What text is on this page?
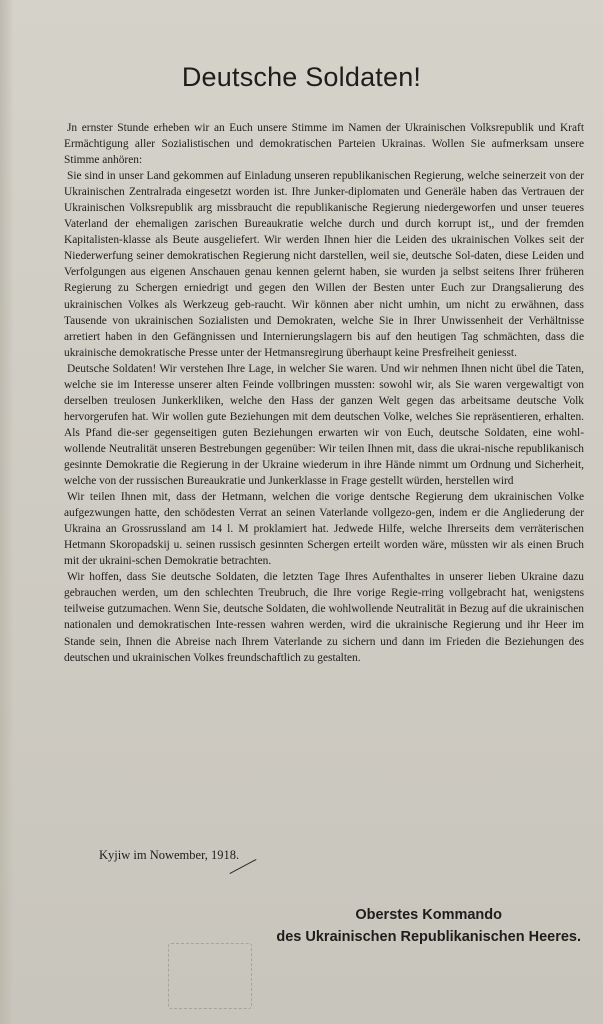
Deutsche Soldaten!

Jn ernster Stunde erheben wir an Euch unsere Stimme im Namen der Ukrainischen Volksrepublik und Kraft Ermächtigung aller Sozialistischen und demokratischen Parteien Ukrainas. Wollen Sie aufmerksam unsere Stimme anhören:

Sie sind in unser Land gekommen auf Einladung unseren republikanischen Regierung, welche seinerzeit von der Ukrainischen Zentralrada eingesetzt worden ist. Ihre Junker-diplomaten und Generäle haben das Vertrauen der Ukrainischen Volksrepublik arg missbraucht die republikanische Regierung niedergeworfen und unser teueres Vaterland der ehemaligen zarischen Bureaukratie welche durch und durch korrupt ist,, und der fremden Kapitalisten-klasse als Beute ausgeliefert. Wir werden Ihnen hier die Leiden des ukrainischen Volkes seit der Niederwerfung seiner demokratischen Regierung nicht darstellen, weil sie, deutsche Sol-daten, diese Leiden und Verfolgungen aus eigenen Anschauen genau kennen gelernt haben, sie wurden ja selbst seitens Ihrer früheren Regierung zu Schergen erniedrigt und gegen den Willen der Besten unter Euch zur Drangsalierung des ukrainischen Volkes als Werkzeug geb-raucht. Wir können aber nicht umhin, um nicht zu erwähnen, dass Tausende von ukrainischen Sozialisten und Demokraten, welche Sie in Ihrer Unwissenheit der Verhältnisse arretiert haben in den Gefängnissen und Internierungslagern bis auf den heutigen Tag schmächten, dass die ukrainische demokratische Presse unter der Hetmansregirung überhaupt keine Presfreiheit geniesst.

Deutsche Soldaten! Wir verstehen Ihre Lage, in welcher Sie waren. Und wir nehmen Ihnen nicht übel die Taten, welche sie im Interesse unserer alten Feinde vollbringen mussten: sowohl wir, als Sie waren vergewaltigt von derselben treulosen Junkerkliken, welche den Hass der ganzen Welt gegen das arbeitsame deutsche Volk hervorgerufen hat. Wir wollen gute Beziehungen mit dem deutschen Volke, welches Sie repräsentieren, erhalten. Als Pfand die-ser gegenseitigen guten Beziehungen erwarten wir von Euch, deutsche Soldaten, eine wohl-wollende Neutralität unseren Bestrebungen gegenüber: Wir teilen Ihnen mit, dass die ukrai-nische republikanisch gesinnte Demokratie die Regierung in der Ukraine wiederum in ihre Hände nimmt um Ordnung und Sicherheit, welche von der russischen Bureaukratie und Junkerklasse in Frage gestellt würden, herstellen wird

Wir teilen Ihnen mit, dass der Hetmann, welchen die vorige dentsche Regierung dem ukrainischen Volke aufgezwungen hatte, den schödesten Verrat an seinen Vaterlande vollgezo-gen, indem er die Angliederung der Ukraina an Grossrussland am 14 l. M proklamiert hat. Jedwede Hilfe, welche Ihrerseits dem verräterischen Hetmann Skoropadskij u. seinen russisch gesinnten Schergen erteilt worden wäre, müssten wir als einen Bruch mit der ukraini-schen Demokratie betrachten.

Wir hoffen, dass Sie deutsche Soldaten, die letzten Tage Ihres Aufenthaltes in unserer lieben Ukraine dazu gebrauchen werden, um den schlechten Treubruch, die Ihre vorige Regie-rring vollgebracht hat, wenigstens teilweise gutzumachen. Wenn Sie, deutsche Soldaten, die wohlwollende Neutralität in Bezug auf die ukrainischen nationalen und demokratischen Inte-ressen wahren werden, wird die ukrainische Regierung und ihr Heer im Stande sein, Ihnen die Abreise nach Ihrem Vaterlande zu sichern und dann im Frieden die Beziehungen des deutschen und ukrainischen Volkes freundschaftlich zu gestalten.

Kyjiw im Nowember, 1918.

Oberstes Kommando
des Ukrainischen Republikanischen Heeres.
